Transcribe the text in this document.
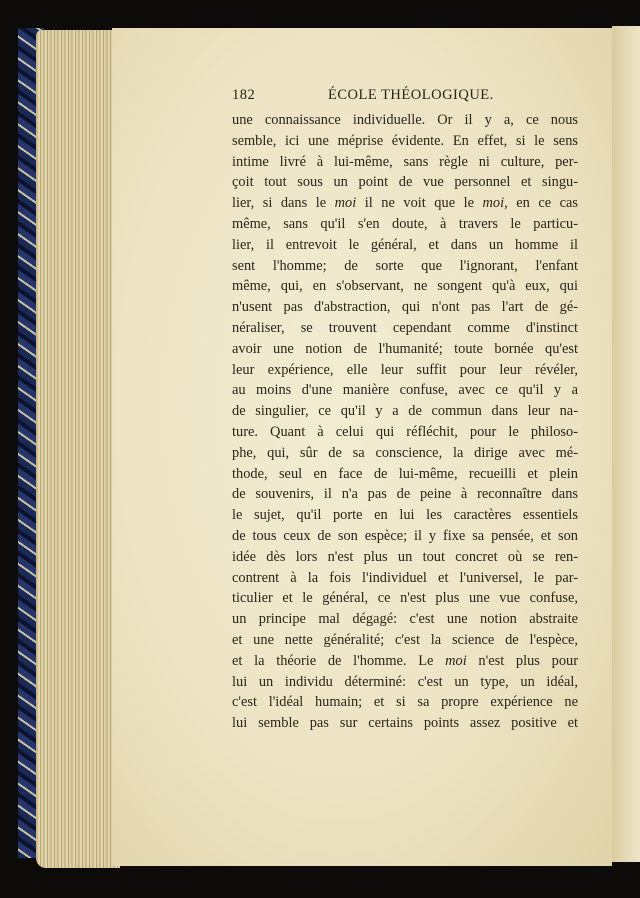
182	ÉCOLE THÉOLOGIQUE.
une connaissance individuelle. Or il y a, ce nous
semble, ici une méprise évidente. En effet, si le sens
intime livré à lui-même, sans règle ni culture, per-
çoit tout sous un point de vue personnel et singu-
lier, si dans le moi il ne voit que le moi, en ce cas
même, sans qu'il s'en doute, à travers le particu-
lier, il entrevoit le général, et dans un homme il
sent l'homme; de sorte que l'ignorant, l'enfant
même, qui, en s'observant, ne songent qu'à eux, qui
n'usent pas d'abstraction, qui n'ont pas l'art de gé-
néraliser, se trouvent cependant comme d'instinct
avoir une notion de l'humanité; toute bornée qu'est
leur expérience, elle leur suffit pour leur révéler,
au moins d'une manière confuse, avec ce qu'il y a
de singulier, ce qu'il y a de commun dans leur na-
ture. Quant à celui qui réfléchit, pour le philoso-
phe, qui, sûr de sa conscience, la dirige avec mé-
thode, seul en face de lui-même, recueilli et plein
de souvenirs, il n'a pas de peine à reconnaître dans
le sujet, qu'il porte en lui les caractères essentiels
de tous ceux de son espèce; il y fixe sa pensée, et son
idée dès lors n'est plus un tout concret où se ren-
contrent à la fois l'individuel et l'universel, le par-
ticulier et le général, ce n'est plus une vue confuse,
un principe mal dégagé: c'est une notion abstraite
et une nette généralité; c'est la science de l'espèce,
et la théorie de l'homme. Le moi n'est plus pour
lui un individu déterminé: c'est un type, un idéal,
c'est l'idéal humain; et si sa propre expérience ne
lui semble pas sur certains points assez positive et
